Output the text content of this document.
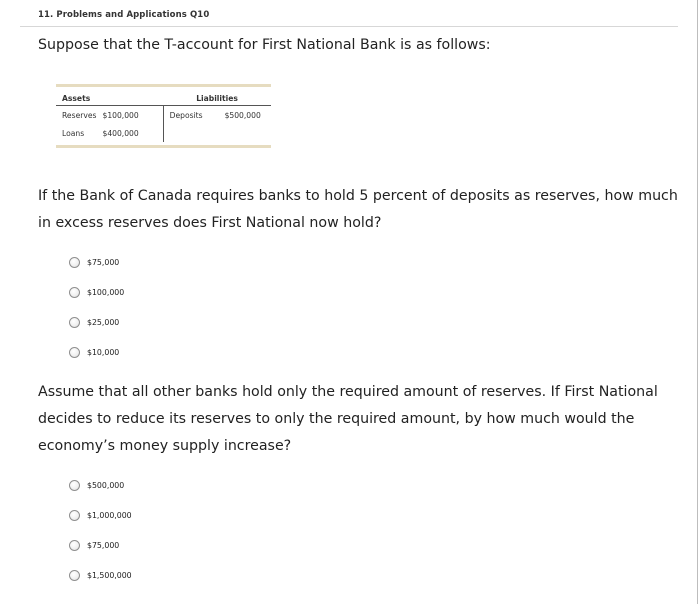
11. Problems and Applications Q10
Suppose that the T-account for First National Bank is as follows:
Assets		Liabilities	
Reserves	$100,000	Deposits	$500,000
Loans	$400,000		
If the Bank of Canada requires banks to hold 5 percent of deposits as reserves, how much in excess reserves does First National now hold?
$75,000
$100,000
$25,000
$10,000
Assume that all other banks hold only the required amount of reserves. If First National decides to reduce its reserves to only the required amount, by how much would the economy’s money supply increase?
$500,000
$1,000,000
$75,000
$1,500,000
